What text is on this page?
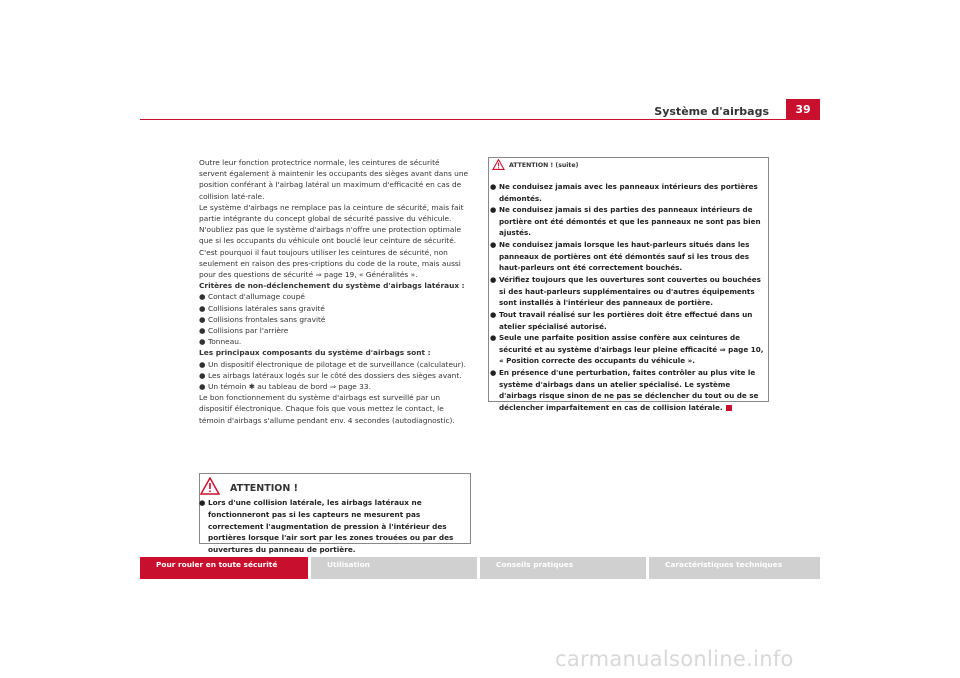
Système d'airbags	39

Outre leur fonction protectrice normale, les ceintures de sécurité servent également à maintenir les occupants des sièges avant dans une position conférant à l'airbag latéral un maximum d'efficacité en cas de collision laté-rale.

Le système d'airbags ne remplace pas la ceinture de sécurité, mais fait partie intégrante du concept global de sécurité passive du véhicule. N'oubliez pas que le système d'airbags n'offre une protection optimale que si les occupants du véhicule ont bouclé leur ceinture de sécurité. C'est pourquoi il faut toujours utiliser les ceintures de sécurité, non seulement en raison des pres-criptions du code de la route, mais aussi pour des questions de sécurité ⇒ page 19, « Généralités ».

Critères de non-déclenchement du système d'airbags latéraux :

● Contact d'allumage coupé
● Collisions latérales sans gravité
● Collisions frontales sans gravité
● Collisions par l'arrière
● Tonneau.

Les principaux composants du système d'airbags sont :

● Un dispositif électronique de pilotage et de surveillance (calculateur).
● Les airbags latéraux logés sur le côté des dossiers des sièges avant.
● Un témoin ✱ au tableau de bord ⇒ page 33.

Le bon fonctionnement du système d'airbags est surveillé par un dispositif électronique. Chaque fois que vous mettez le contact, le témoin d'airbags s'allume pendant env. 4 secondes (autodiagnostic).

ATTENTION !
● Lors d'une collision latérale, les airbags latéraux ne fonctionneront pas si les capteurs ne mesurent pas correctement l'augmentation de pression à l'intérieur des portières lorsque l'air sort par les zones trouées ou par des ouvertures du panneau de portière.
ATTENTION ! (suite)
● Ne conduisez jamais avec les panneaux intérieurs des portières démontés.
● Ne conduisez jamais si des parties des panneaux intérieurs de portière ont été démontés et que les panneaux ne sont pas bien ajustés.
● Ne conduisez jamais lorsque les haut-parleurs situés dans les panneaux de portières ont été démontés sauf si les trous des haut-parleurs ont été correctement bouchés.
● Vérifiez toujours que les ouvertures sont couvertes ou bouchées si des haut-parleurs supplémentaires ou d'autres équipements sont installés à l'intérieur des panneaux de portière.
● Tout travail réalisé sur les portières doit être effectué dans un atelier spécialisé autorisé.
● Seule une parfaite position assise confère aux ceintures de sécurité et au système d'airbags leur pleine efficacité ⇒ page 10, « Position correcte des occupants du véhicule ».
● En présence d'une perturbation, faites contrôler au plus vite le système d'airbags dans un atelier spécialisé. Le système d'airbags risque sinon de ne pas se déclencher du tout ou de se déclencher imparfaitement en cas de collision latérale.
Pour rouler en toute sécurité	Utilisation	Conseils pratiques	Caractéristiques techniques
carmanualsonline.info
